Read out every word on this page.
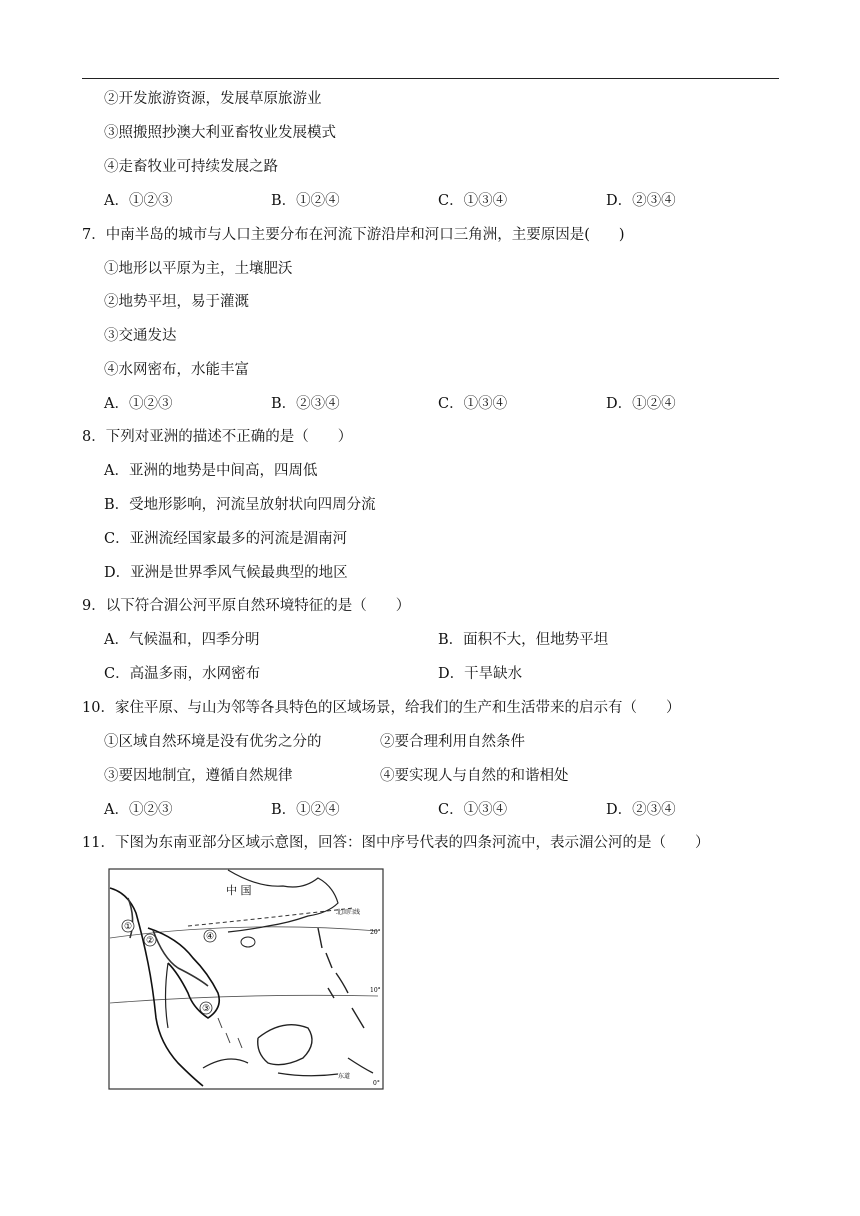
②开发旅游资源，发展草原旅游业
③照搬照抄澳大利亚畜牧业发展模式
④走畜牧业可持续发展之路
A．①②③	B．①②④	C．①③④	D．②③④
7．中南半岛的城市与人口主要分布在河流下游沿岸和河口三角洲，主要原因是(　　)
①地形以平原为主，土壤肥沃
②地势平坦，易于灌溉
③交通发达
④水网密布，水能丰富
A．①②③	B．②③④	C．①③④	D．①②④
8．下列对亚洲的描述不正确的是（　　）
A．亚洲的地势是中间高，四周低
B．受地形影响，河流呈放射状向四周分流
C．亚洲流经国家最多的河流是湄南河
D．亚洲是世界季风气候最典型的地区
9．以下符合湄公河平原自然环境特征的是（　　）
A．气候温和，四季分明	B．面积不大，但地势平坦
C．高温多雨，水网密布	D．干旱缺水
10．家住平原、与山为邻等各具特色的区域场景，给我们的生产和生活带来的启示有（　　）
①区域自然环境是没有优劣之分的	②要合理利用自然条件
③要因地制宜，遵循自然规律	④要实现人与自然的和谐相处
A．①②③	B．①②④	C．①③④	D．②③④
11．下图为东南亚部分区域示意图，回答：图中序号代表的四条河流中，表示湄公河的是（　　）
①
②
③
④
中 国
北回归线
20°
10°
0°
东道
